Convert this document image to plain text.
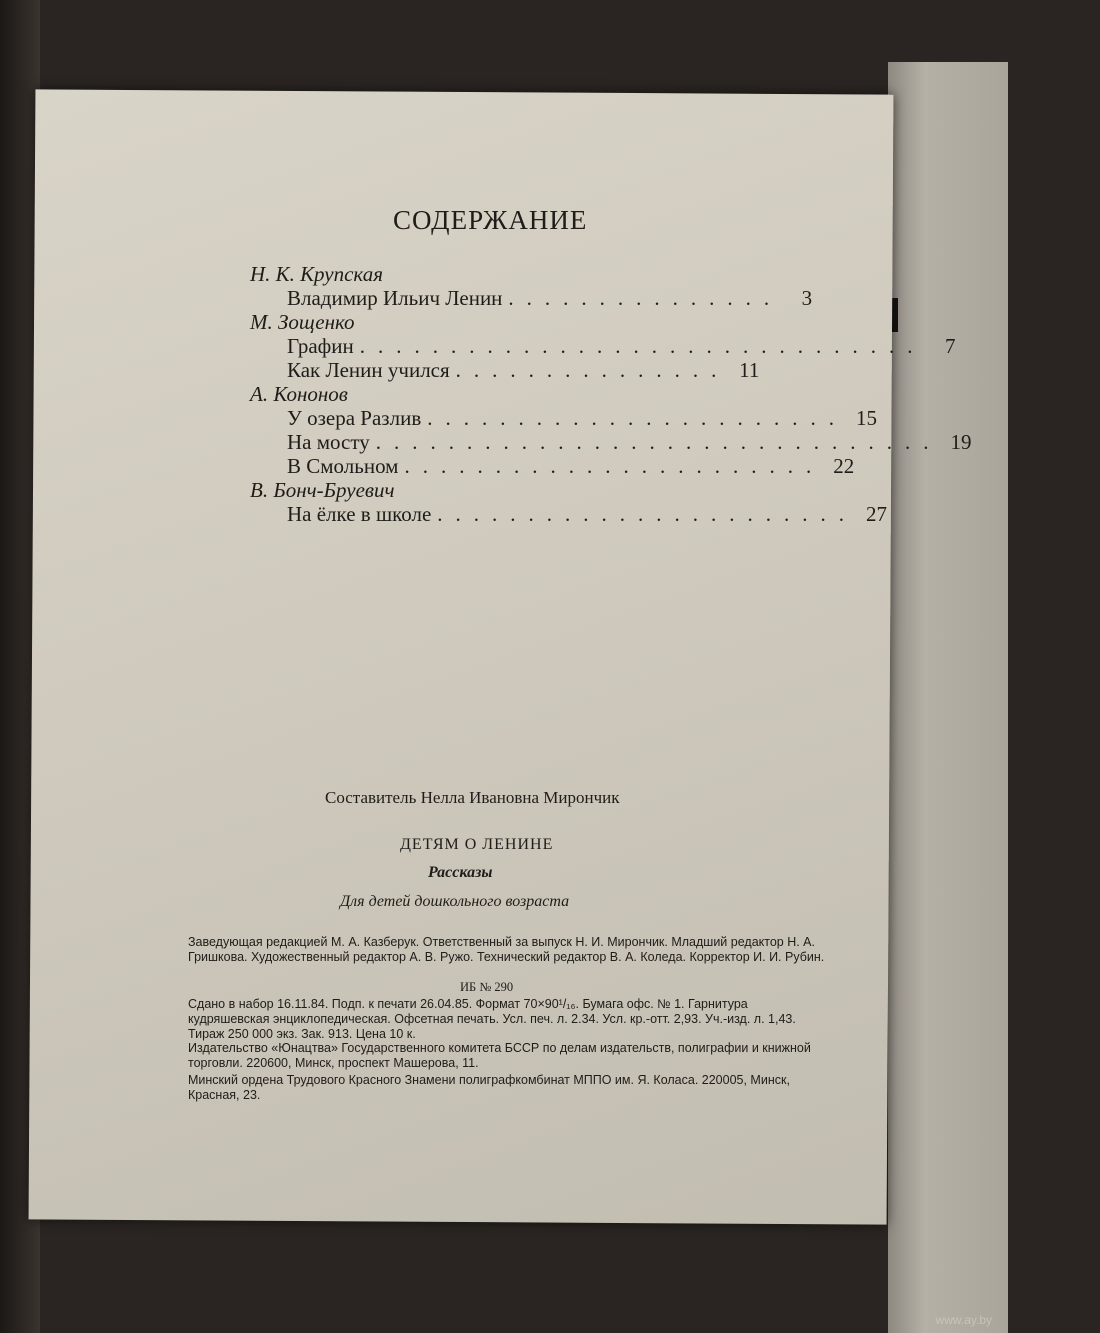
СОДЕРЖАНИЕ
Н. К. Крупская
Владимир Ильич Ленин ............... 3
М. Зощенко
Графин ............................... 7
Как Ленин учился ............... 11
А. Кононов
У озера Разлив ....................... 15
На мосту ............................... 19
В Смольном ....................... 22
В. Бонч-Бруевич
На ёлке в школе ....................... 27
Составитель Нелла Ивановна Мирончик
ДЕТЯМ О ЛЕНИНЕ
Рассказы
Для детей дошкольного возраста
Заведующая редакцией М. А. Казберук. Ответственный за выпуск Н. И. Мирончик. Младший редактор Н. А. Гришкова. Художественный редактор А. В. Ружо. Технический редактор В. А. Коледа. Корректор И. И. Рубин.
ИБ № 290
Сдано в набор 16.11.84. Подп. к печати 26.04.85. Формат 70×90¹/₁₆. Бумага офс. № 1. Гарнитура кудряшевская энциклопедическая. Офсетная печать. Усл. печ. л. 2.34. Усл. кр.-отт. 2,93. Уч.-изд. л. 1,43. Тираж 250 000 экз. Зак. 913. Цена 10 к.
Издательство «Юнацтва» Государственного комитета БССР по делам издательств, полиграфии и книжной торговли. 220600, Минск, проспект Машерова, 11.
Минский ордена Трудового Красного Знамени полиграфкомбинат МППО им. Я. Коласа. 220005, Минск, Красная, 23.
www.ay.by
